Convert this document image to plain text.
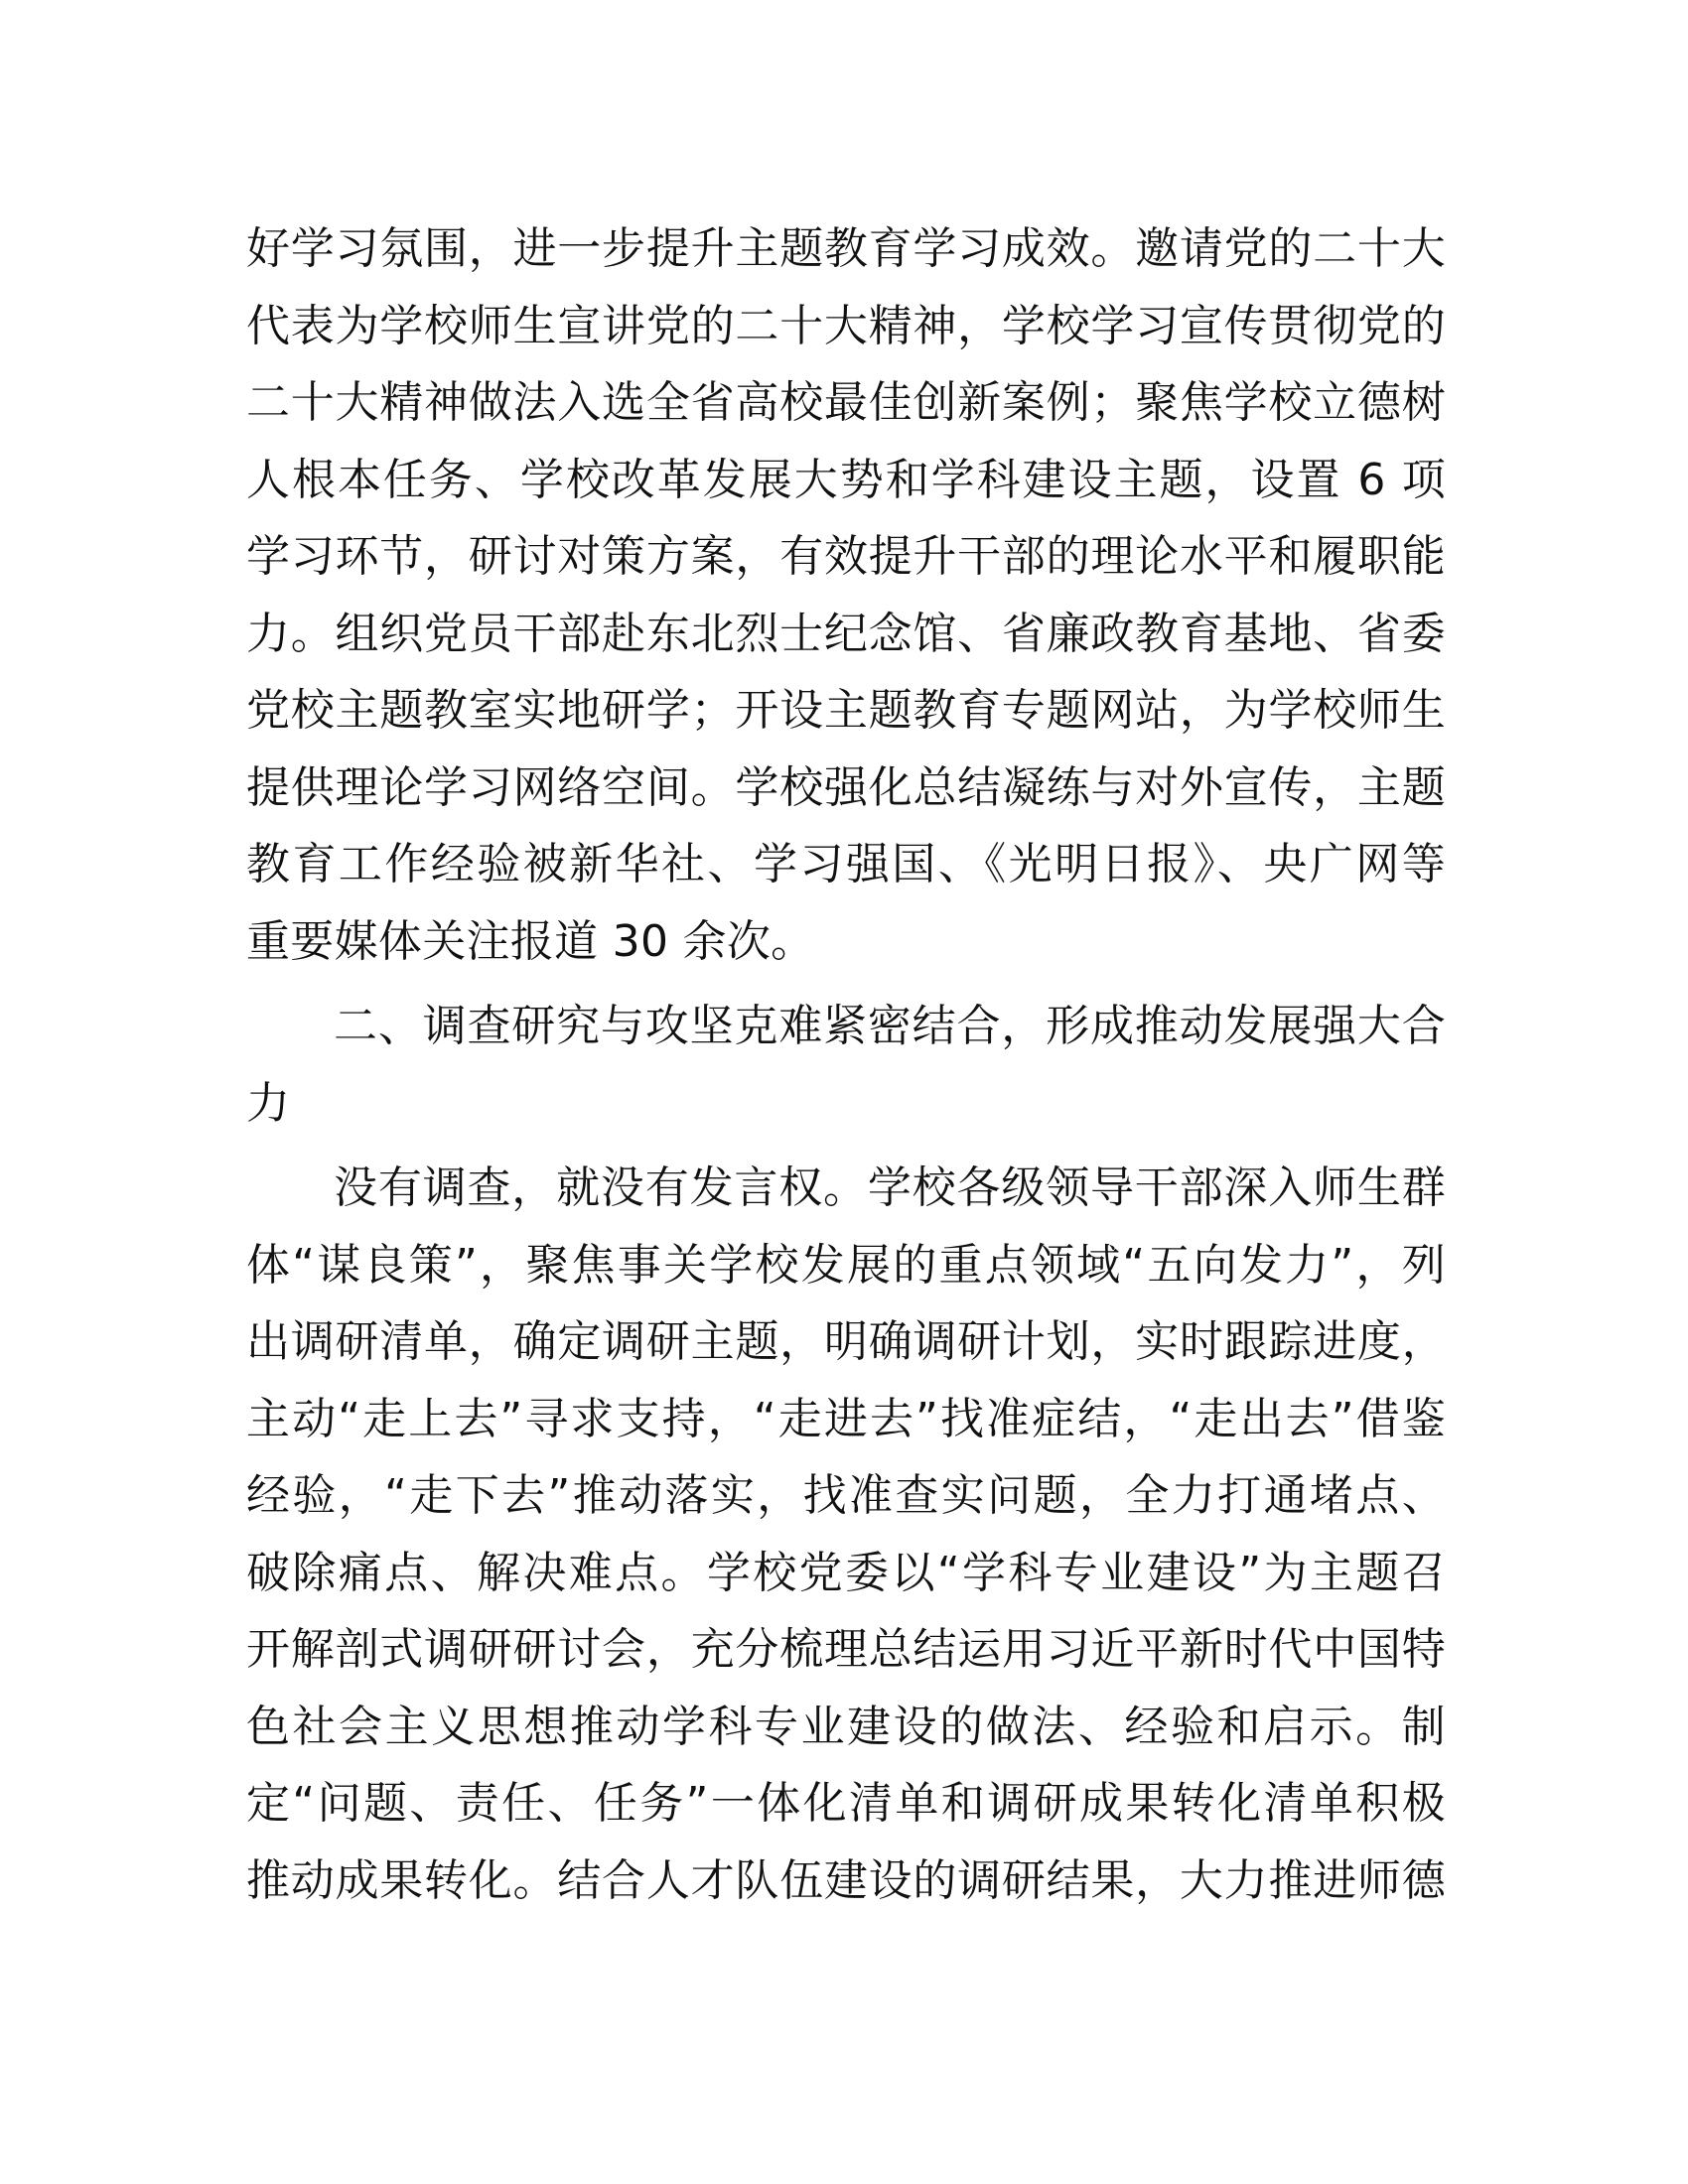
好学习氛围，进一步提升主题教育学习成效。邀请党的二十大
代表为学校师生宣讲党的二十大精神，学校学习宣传贯彻党的
二十大精神做法入选全省高校最佳创新案例；聚焦学校立德树
人根本任务、学校改革发展大势和学科建设主题，设置 6 项
学习环节，研讨对策方案，有效提升干部的理论水平和履职能
力。组织党员干部赴东北烈士纪念馆、省廉政教育基地、省委
党校主题教室实地研学；开设主题教育专题网站，为学校师生
提供理论学习网络空间。学校强化总结凝练与对外宣传，主题
教育工作经验被新华社、学习强国、《光明日报》、央广网等
重要媒体关注报道 30 余次。
二、调查研究与攻坚克难紧密结合，形成推动发展强大合
力
没有调查，就没有发言权。学校各级领导干部深入师生群
体“谋良策”，聚焦事关学校发展的重点领域“五向发力”，列
出调研清单，确定调研主题，明确调研计划，实时跟踪进度，
主动“走上去”寻求支持，“走进去”找准症结，“走出去”借鉴
经验，“走下去”推动落实，找准查实问题，全力打通堵点、
破除痛点、解决难点。学校党委以“学科专业建设”为主题召
开解剖式调研研讨会，充分梳理总结运用习近平新时代中国特
色社会主义思想推动学科专业建设的做法、经验和启示。制
定“问题、责任、任务”一体化清单和调研成果转化清单积极
推动成果转化。结合人才队伍建设的调研结果，大力推进师德
